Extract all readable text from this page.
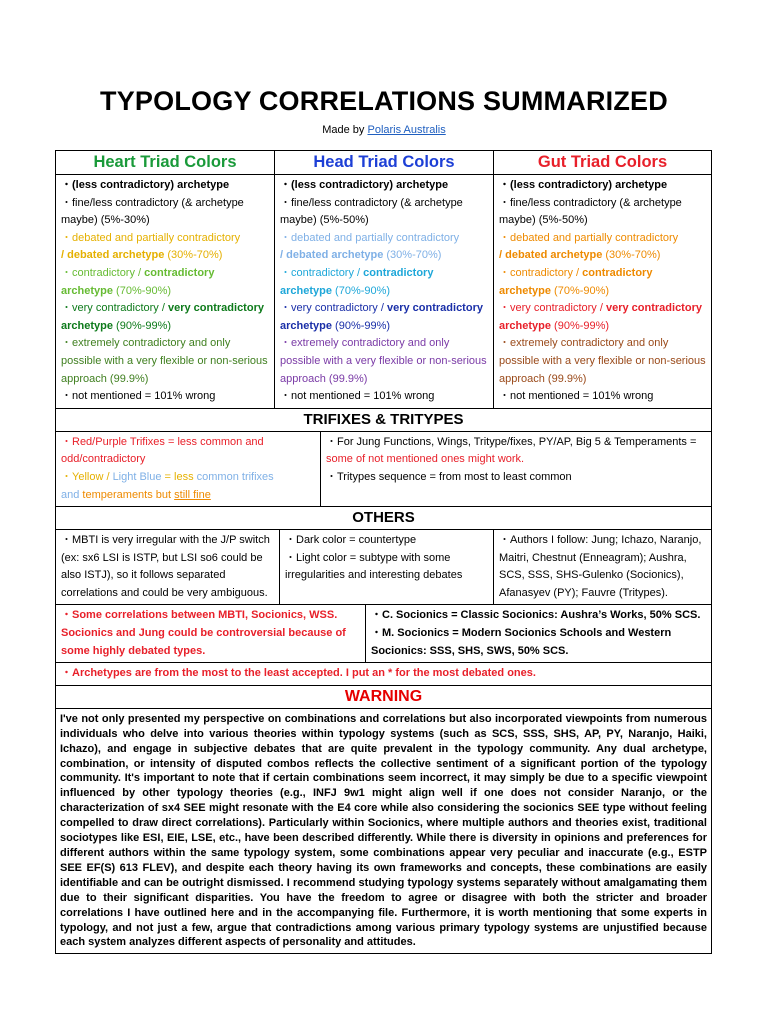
TYPOLOGY CORRELATIONS SUMMARIZED
Made by Polaris Australis
Heart Triad Colors	Head Triad Colors	Gut Triad Colors
・(less contradictory) archetype
・fine/less contradictory (& archetype maybe) (5%-30%)
・debated and partially contradictory
/ debated archetype (30%-70%)
・contradictory / contradictory archetype (70%-90%)
・very contradictory / very contradictory archetype (90%-99%)
・extremely contradictory and only possible with a very flexible or non-serious approach (99.9%)
・not mentioned = 101% wrong
・(less contradictory) archetype
・fine/less contradictory (& archetype maybe) (5%-50%)
・debated and partially contradictory
/ debated archetype (30%-70%)
・contradictory / contradictory archetype (70%-90%)
・very contradictory / very contradictory archetype (90%-99%)
・extremely contradictory and only possible with a very flexible or non-serious approach (99.9%)
・not mentioned = 101% wrong
・(less contradictory) archetype
・fine/less contradictory (& archetype maybe) (5%-50%)
・debated and partially contradictory
/ debated archetype (30%-70%)
・contradictory / contradictory archetype (70%-90%)
・very contradictory / very contradictory archetype (90%-99%)
・extremely contradictory and only possible with a very flexible or non-serious approach (99.9%)
・not mentioned = 101% wrong
TRIFIXES & TRITYPES
・Red/Purple Trifixes = less common and odd/contradictory
・Yellow / Light Blue = less common trifixes
and temperaments but still fine
・For Jung Functions, Wings, Tritype/fixes, PY/AP, Big 5 & Temperaments = some of not mentioned ones might work.
・Tritypes sequence = from most to least common
OTHERS
・MBTI is very irregular with the J/P switch (ex: sx6 LSI is ISTP, but LSI so6 could be also ISTJ), so it follows separated correlations and could be very ambiguous.
・Dark color = countertype
・Light color = subtype with some irregularities and interesting debates
・Authors I follow: Jung; Ichazo, Naranjo, Maitri, Chestnut (Enneagram); Aushra, SCS, SSS, SHS-Gulenko (Socionics), Afanasyev (PY); Fauvre (Tritypes).
・Some correlations between MBTI, Socionics, WSS. Socionics and Jung could be controversial because of some highly debated types.
・C. Socionics = Classic Socionics: Aushra’s Works, 50% SCS.
・M. Socionics = Modern Socionics Schools and Western Socionics: SSS, SHS, SWS, 50% SCS.
・Archetypes are from the most to the least accepted. I put an * for the most debated ones.
WARNING
I've not only presented my perspective on combinations and correlations but also incorporated viewpoints from numerous individuals who delve into various theories within typology systems (such as SCS, SSS, SHS, AP, PY, Naranjo, Haiki, Ichazo), and engage in subjective debates that are quite prevalent in the typology community. Any dual archetype, combination, or intensity of disputed combos reflects the collective sentiment of a significant portion of the typology community. It's important to note that if certain combinations seem incorrect, it may simply be due to a specific viewpoint influenced by other typology theories (e.g., INFJ 9w1 might align well if one does not consider Naranjo, or the characterization of sx4 SEE might resonate with the E4 core while also considering the socionics SEE type without feeling compelled to draw direct correlations). Particularly within Socionics, where multiple authors and theories exist, traditional sociotypes like ESI, EIE, LSE, etc., have been described differently. While there is diversity in opinions and preferences for different authors within the same typology system, some combinations appear very peculiar and inaccurate (e.g., ESTP SEE EF(S) 613 FLEV), and despite each theory having its own frameworks and concepts, these combinations are easily identifiable and can be outright dismissed. I recommend studying typology systems separately without amalgamating them due to their significant disparities. You have the freedom to agree or disagree with both the stricter and broader correlations I have outlined here and in the accompanying file. Furthermore, it is worth mentioning that some experts in typology, and not just a few, argue that contradictions among various primary typology systems are unjustified because each system analyzes different aspects of personality and attitudes.
